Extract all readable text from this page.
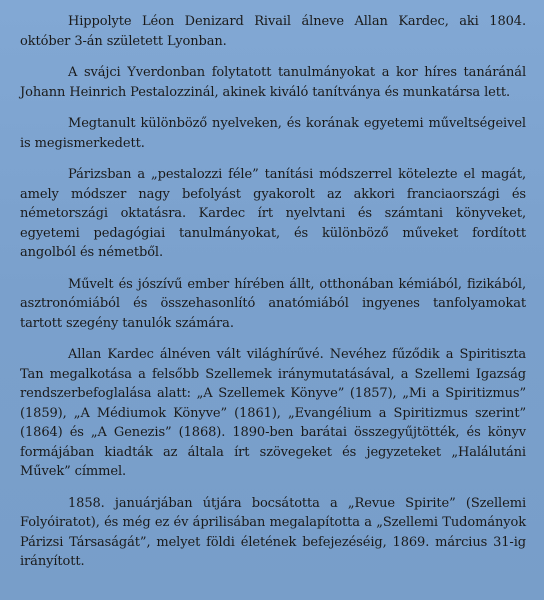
Hippolyte Léon Denizard Rivail álneve Allan Kardec, aki 1804. október 3-án született Lyonban.

A svájci Yverdonban folytatott tanulmányokat a kor híres tanáránál Johann Heinrich Pestalozzinál, akinek kiváló tanítványa és munkatársa lett.

Megtanult különböző nyelveken, és korának egyetemi műveltségeivel is megismerkedett.

Párizsban a „pestalozzi féle” tanítási módszerrel kötelezte el magát, amely módszer nagy befolyást gyakorolt az akkori franciaországi és németországi oktatásra. Kardec írt nyelvtani és számtani könyveket, egyetemi pedagógiai tanulmányokat, és különböző műveket fordított angolból és németből.

Művelt és jószívű ember hírében állt, otthonában kémiából, fizikából, asztronómiából és összehasonlító anatómiából ingyenes tanfolyamokat tartott szegény tanulók számára.

Allan Kardec álnéven vált világhírűvé. Nevéhez fűződik a Spiritiszta Tan megalkotása a felsőbb Szellemek iránymutatásával, a Szellemi Igazság rendszerbefoglalása alatt: „A Szellemek Könyve” (1857), „Mi a Spiritizmus” (1859), „A Médiumok Könyve” (1861), „Evangélium a Spiritizmus szerint” (1864) és „A Genezis” (1868). 1890-ben barátai összegyűjtötték, és könyv formájában kiadták az általa írt szövegeket és jegyzeteket „Halálutáni Művek” címmel.

1858. januárjában útjára bocsátotta a „Revue Spirite” (Szellemi Folyóiratot), és még ez év áprilisában megalapította a „Szellemi Tudományok Párizsi Társaságát”, melyet földi életének befejezéséig, 1869. március 31-ig irányított.
